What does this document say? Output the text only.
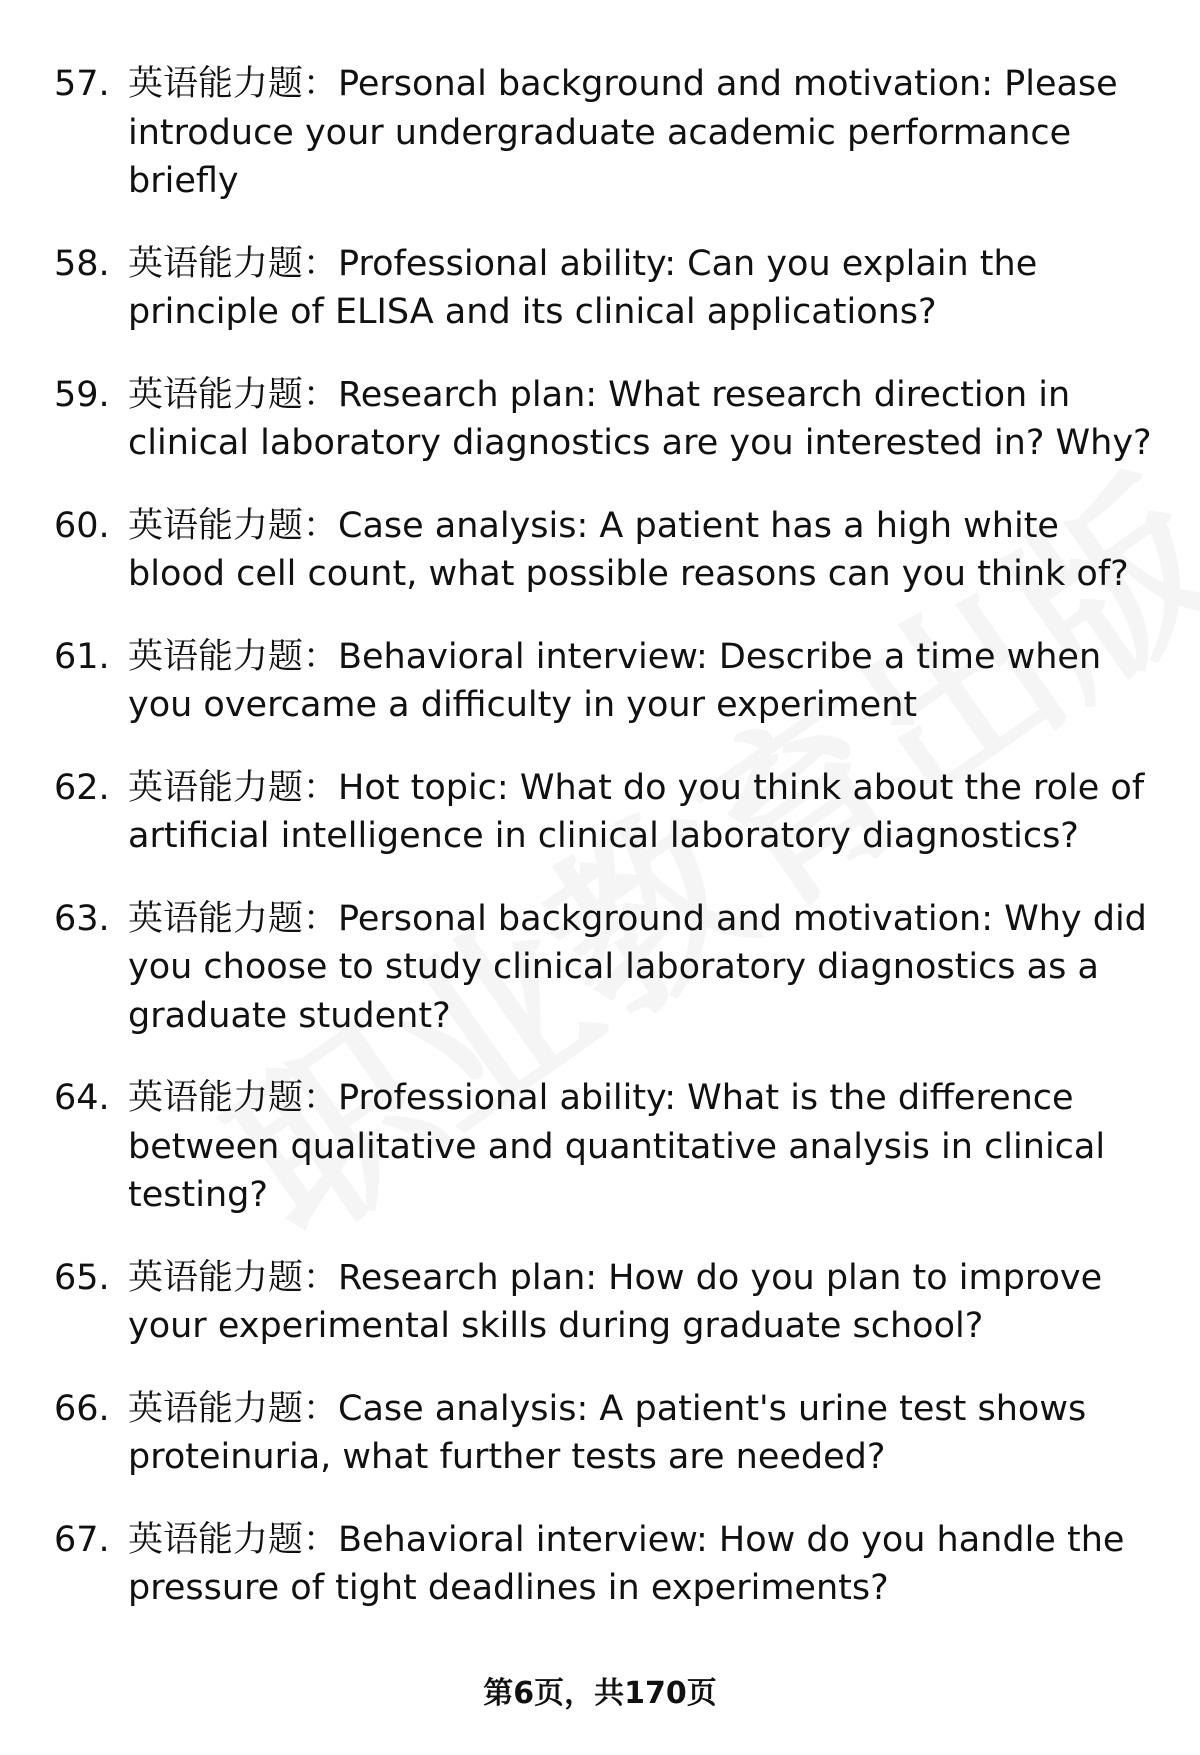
57. 英语能力题：Personal background and motivation: Please introduce your undergraduate academic performance briefly
58. 英语能力题：Professional ability: Can you explain the principle of ELISA and its clinical applications?
59. 英语能力题：Research plan: What research direction in clinical laboratory diagnostics are you interested in? Why?
60. 英语能力题：Case analysis: A patient has a high white blood cell count, what possible reasons can you think of?
61. 英语能力题：Behavioral interview: Describe a time when you overcame a difficulty in your experiment
62. 英语能力题：Hot topic: What do you think about the role of artificial intelligence in clinical laboratory diagnostics?
63. 英语能力题：Personal background and motivation: Why did you choose to study clinical laboratory diagnostics as a graduate student?
64. 英语能力题：Professional ability: What is the difference between qualitative and quantitative analysis in clinical testing?
65. 英语能力题：Research plan: How do you plan to improve your experimental skills during graduate school?
66. 英语能力题：Case analysis: A patient's urine test shows proteinuria, what further tests are needed?
67. 英语能力题：Behavioral interview: How do you handle the pressure of tight deadlines in experiments?
第6页，共170页
